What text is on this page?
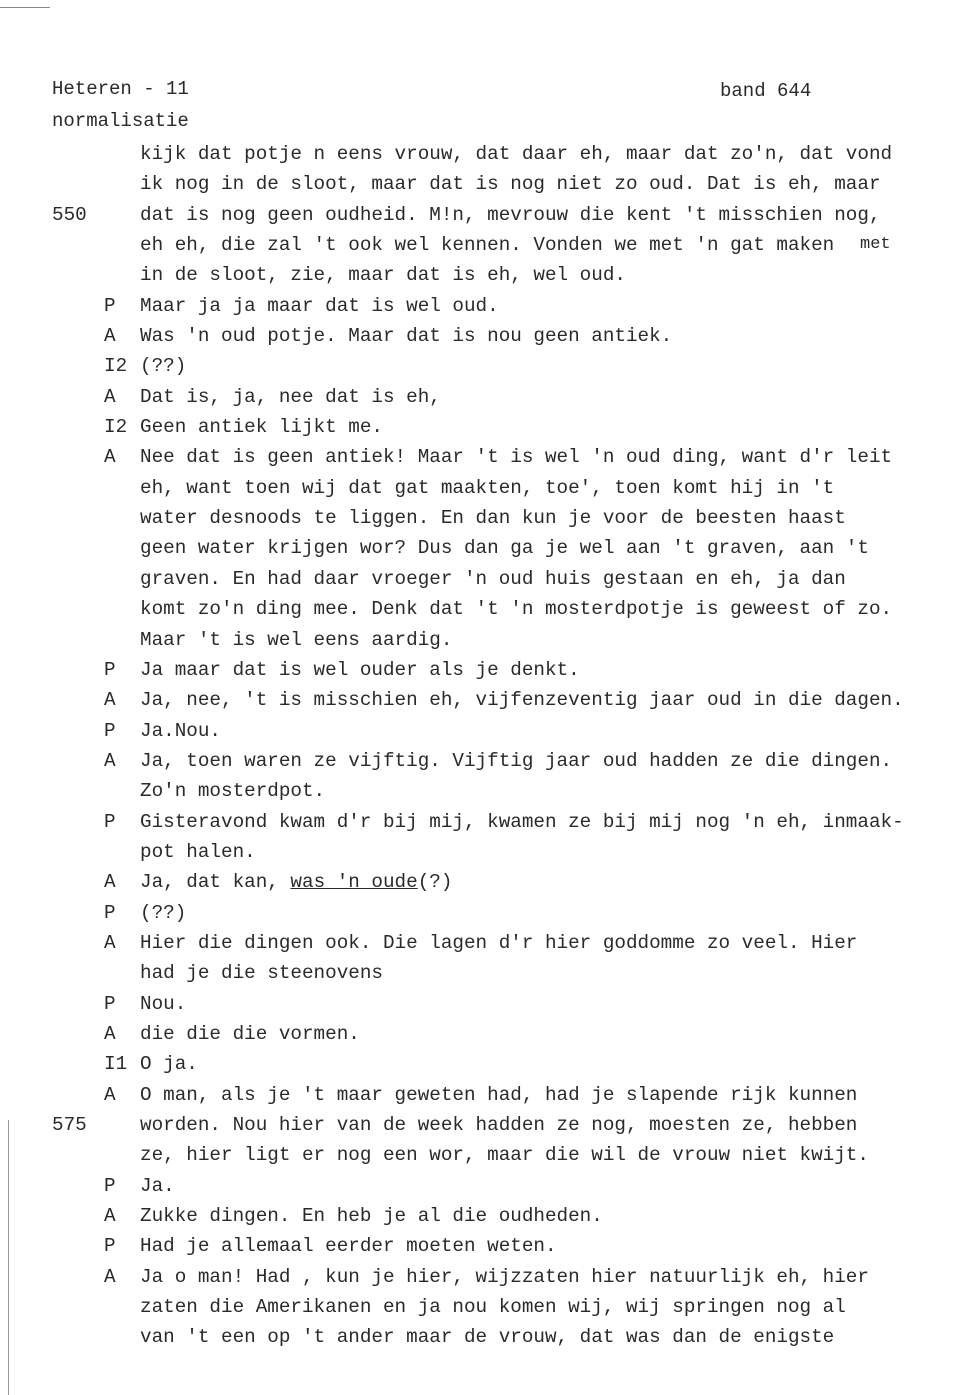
Heteren - 11	band 644
normalisatie
kijk dat potje n eens vrouw, dat daar eh, maar dat zo'n, dat vond
ik nog in de sloot, maar dat is nog niet zo oud. Dat is eh, maar
550	dat is nog geen oudheid. M!n, mevrouw die kent 't misschien nog,
eh eh, die zal 't ook wel kennen. Vonden we met 'n gat maken met
in de sloot, zie, maar dat is eh, wel oud.
P Maar ja ja maar dat is wel oud.
A Was 'n oud potje. Maar dat is nou geen antiek.
I2 (??)
A Dat is, ja, nee dat is eh,
I2 Geen antiek lijkt me.
A Nee dat is geen antiek! Maar 't is wel 'n oud ding, want d'r leit
eh, want toen wij dat gat maakten, toe', toen komt hij in 't
water desnoods te liggen. En dan kun je voor de beesten haast
geen water krijgen wor? Dus dan ga je wel aan 't graven, aan 't
graven. En had daar vroeger 'n oud huis gestaan en eh, ja dan
komt zo'n ding mee. Denk dat 't 'n mosterdpotje is geweest of zo.
Maar 't is wel eens aardig.
P Ja maar dat is wel ouder als je denkt.
A Ja, nee, 't is misschien eh, vijfenzeventig jaar oud in die dagen.
P Ja.Nou.
A Ja, toen waren ze vijftig. Vijftig jaar oud hadden ze die dingen.
Zo'n mosterdpot.
P Gisteravond kwam d'r bij mij, kwamen ze bij mij nog 'n eh, inmaak-
pot halen.
A Ja, dat kan, was 'n oude(?)
P (??)
A Hier die dingen ook. Die lagen d'r hier goddomme zo veel. Hier
had je die steenovens
P Nou.
A die die die vormen.
I1 O ja.
A O man, als je 't maar geweten had, had je slapende rijk kunnen
575	worden. Nou hier van de week hadden ze nog, moesten ze, hebben
ze, hier ligt er nog een wor, maar die wil de vrouw niet kwijt.
P Ja.
A Zukke dingen. En heb je al die oudheden.
P Had je allemaal eerder moeten weten.
A Ja o man! Had , kun je hier, wijzzaten hier natuurlijk eh, hier
zaten die Amerikanen en ja nou komen wij, wij springen nog al
van 't een op 't ander maar de vrouw, dat was dan de enigste
